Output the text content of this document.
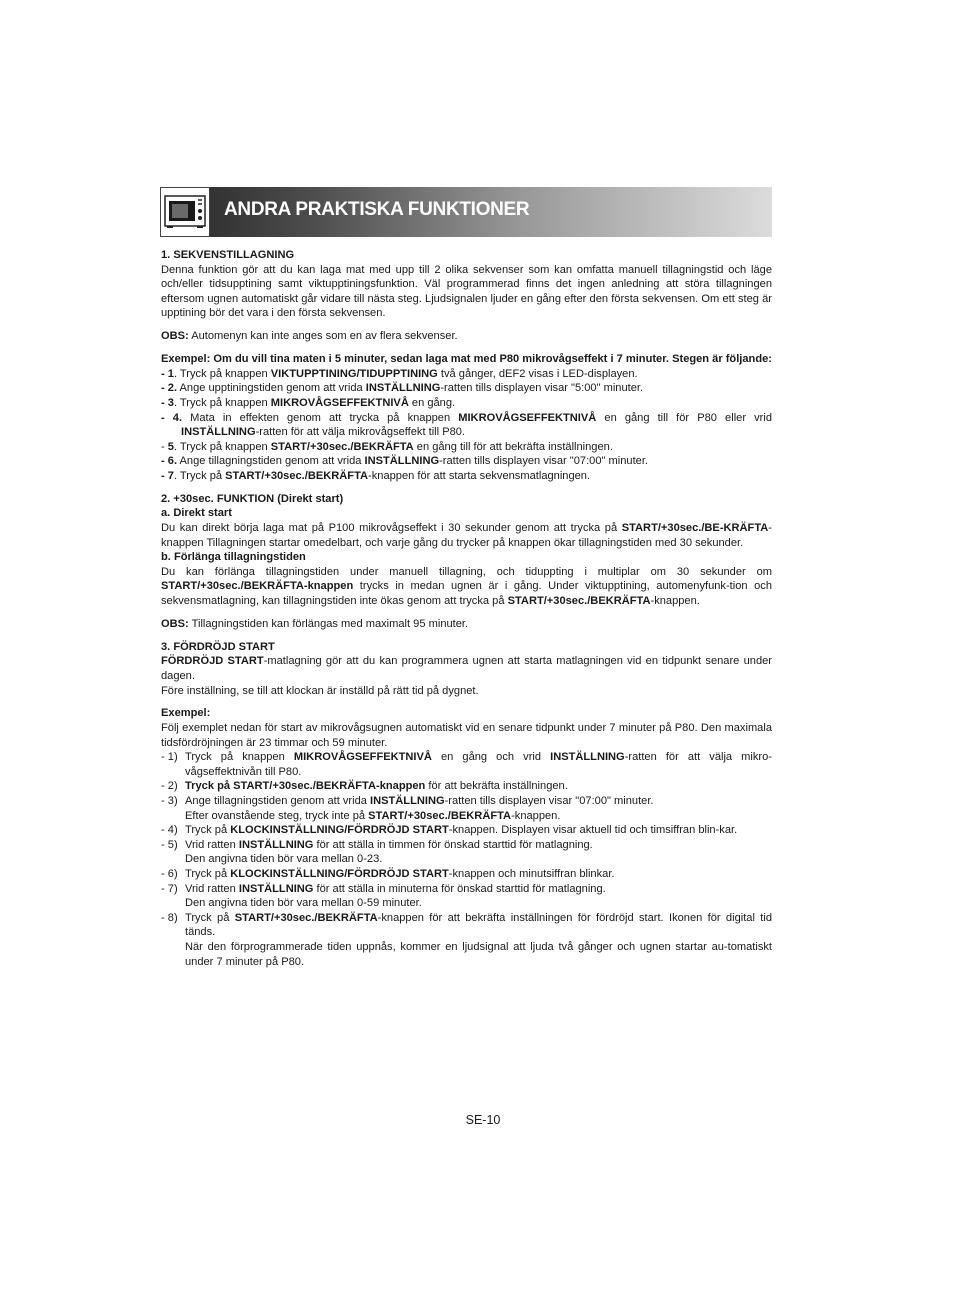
ANDRA PRAKTISKA FUNKTIONER

1. SEKVENSTILLAGNING

Denna funktion gör att du kan laga mat med upp till 2 olika sekvenser som kan omfatta manuell tillagningstid och läge och/eller tidsupptining samt viktupptiningsfunktion. Väl programmerad finns det ingen anledning att störa tillagningen eftersom ugnen automatiskt går vidare till nästa steg. Ljudsignalen ljuder en gång efter den första sekvensen. Om ett steg är upptining bör det vara i den första sekvensen.

OBS: Automenyn kan inte anges som en av flera sekvenser.

Exempel: Om du vill tina maten i 5 minuter, sedan laga mat med P80 mikrovågseffekt i 7 minuter. Stegen är följande:

- 1. Tryck på knappen VIKTUPPTINING/TIDUPPTINING två gånger, dEF2 visas i LED-displayen.

- 2. Ange upptiningstiden genom att vrida INSTÄLLNING-ratten tills displayen visar "5:00" minuter.

- 3. Tryck på knappen MIKROVÅGSEFFEKTNIVÅ en gång.

- 4. Mata in effekten genom att trycka på knappen MIKROVÅGSEFFEKTNIVÅ en gång till för P80 eller vrid

INSTÄLLNING-ratten för att välja mikrovågseffekt till P80.

- 5. Tryck på knappen START/+30sec./BEKRÄFTA en gång till för att bekräfta inställningen.

- 6. Ange tillagningstiden genom att vrida INSTÄLLNING-ratten tills displayen visar "07:00" minuter.

- 7. Tryck på START/+30sec./BEKRÄFTA-knappen för att starta sekvensmatlagningen.

2. +30sec. FUNKTION (Direkt start)

a. Direkt start

Du kan direkt börja laga mat på P100 mikrovågseffekt i 30 sekunder genom att trycka på START/+30sec./BE-KRÄFTA-knappen Tillagningen startar omedelbart, och varje gång du trycker på knappen ökar tillagningstiden med 30 sekunder.

b. Förlänga tillagningstiden

Du kan förlänga tillagningstiden under manuell tillagning, och tiduppting i multiplar om 30 sekunder om START/+30sec./BEKRÄFTA-knappen trycks in medan ugnen är i gång. Under viktupptining, automenyfunk-tion och sekvensmatlagning, kan tillagningstiden inte ökas genom att trycka på START/+30sec./BEKRÄFTA-knappen.

OBS: Tillagningstiden kan förlängas med maximalt 95 minuter.

3. FÖRDRÖJD START

FÖRDRÖJD START-matlagning gör att du kan programmera ugnen att starta matlagningen vid en tidpunkt senare under dagen.

Före inställning, se till att klockan är inställd på rätt tid på dygnet.

Exempel:

Följ exemplet nedan för start av mikrovågsugnen automatiskt vid en senare tidpunkt under 7 minuter på P80. Den maximala tidsfördröjningen är 23 timmar och 59 minuter.

- 1) Tryck på knappen MIKROVÅGSEFFEKTNIVÅ en gång och vrid INSTÄLLNING-ratten för att välja mikro-vågseffektnivån till P80.
- 2) Tryck på START/+30sec./BEKRÄFTA-knappen för att bekräfta inställningen.
- 3) Ange tillagningstiden genom att vrida INSTÄLLNING-ratten tills displayen visar "07:00" minuter.
Efter ovanstående steg, tryck inte på START/+30sec./BEKRÄFTA-knappen.
- 4) Tryck på KLOCKINSTÄLLNING/FÖRDRÖJD START-knappen. Displayen visar aktuell tid och timsiffran blin-kar.
- 5) Vrid ratten INSTÄLLNING för att ställa in timmen för önskad starttid för matlagning.
Den angivna tiden bör vara mellan 0-23.
- 6) Tryck på KLOCKINSTÄLLNING/FÖRDRÖJD START-knappen och minutsiffran blinkar.
- 7) Vrid ratten INSTÄLLNING för att ställa in minuterna för önskad starttid för matlagning.
Den angivna tiden bör vara mellan 0-59 minuter.
- 8) Tryck på START/+30sec./BEKRÄFTA-knappen för att bekräfta inställningen för fördröjd start. Ikonen för digital tid tänds.
När den förprogrammerade tiden uppnås, kommer en ljudsignal att ljuda två gånger och ugnen startar au-tomatiskt under 7 minuter på P80.
SE-10
